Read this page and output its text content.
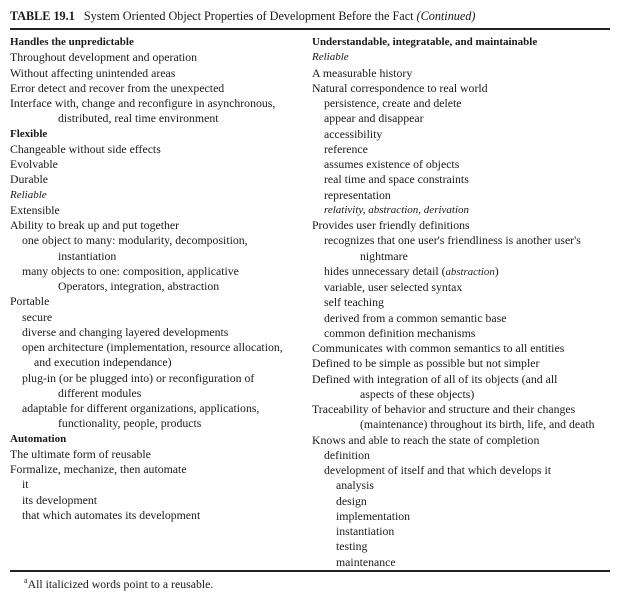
TABLE 19.1 System Oriented Object Properties of Development Before the Fact (Continued)
Handles the unpredictable
Throughout development and operation
Without affecting unintended areas
Error detect and recover from the unexpected
Interface with, change and reconfigure in asynchronous,
distributed, real time environment
Flexible
Changeable without side effects
Evolvable
Durable
Reliable
Extensible
Ability to break up and put together
one object to many: modularity, decomposition,
instantiation
many objects to one: composition, applicative
Operators, integration, abstraction
Portable
secure
diverse and changing layered developments
open architecture (implementation, resource allocation,
and execution independance)
plug-in (or be plugged into) or reconfiguration of
different modules
adaptable for different organizations, applications,
functionality, people, products
Automation
The ultimate form of reusable
Formalize, mechanize, then automate
it
its development
that which automates its development
Understandable, integratable, and maintainable
Reliable
A measurable history
Natural correspondence to real world
persistence, create and delete
appear and disappear
accessibility
reference
assumes existence of objects
real time and space constraints
representation
relativity, abstraction, derivation
Provides user friendly definitions
recognizes that one user's friendliness is another user's
nightmare
hides unnecessary detail (abstraction)
variable, user selected syntax
self teaching
derived from a common semantic base
common definition mechanisms
Communicates with common semantics to all entities
Defined to be simple as possible but not simpler
Defined with integration of all of its objects (and all
aspects of these objects)
Traceability of behavior and structure and their changes
(maintenance) throughout its birth, life, and death
Knows and able to reach the state of completion
definition
development of itself and that which develops it
analysis
design
implementation
instantiation
testing
maintenance
$^a$All italicized words point to a reusable.
